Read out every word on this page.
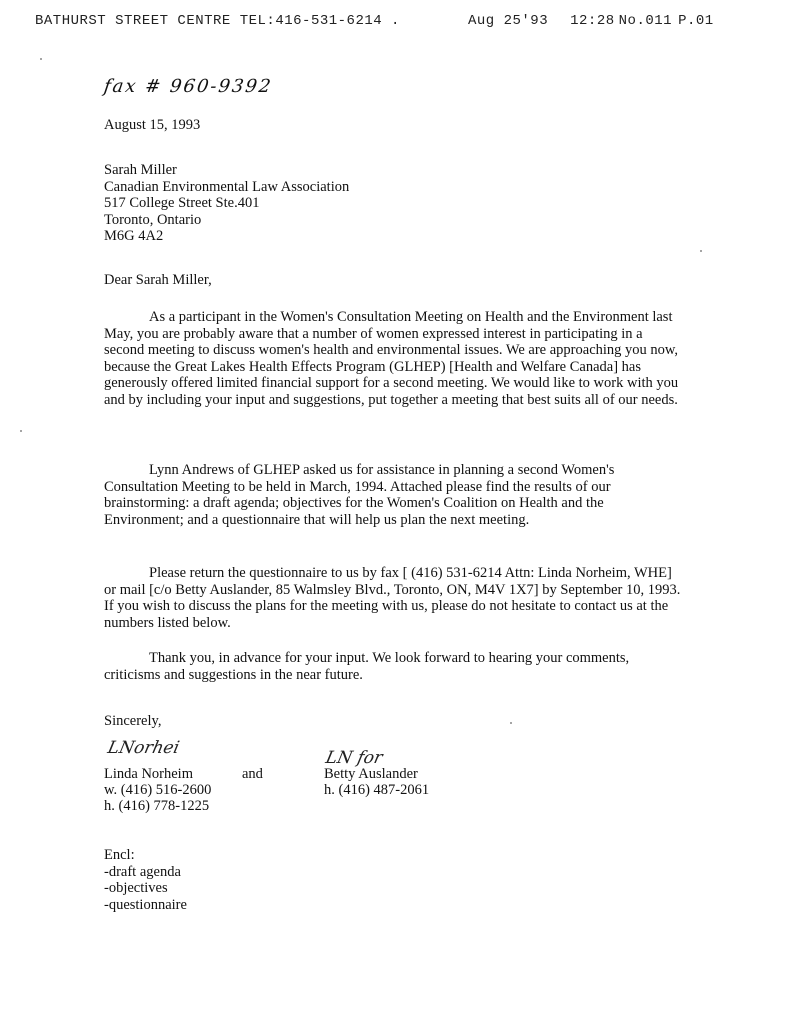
BATHURST STREET CENTRE TEL:416-531-6214 .

	Aug 25'93 12:28 No.011 P.01

fax # 960-9392
August 15, 1993
Sarah Miller
Canadian Environmental Law Association
517 College Street Ste.401
Toronto, Ontario
M6G 4A2
Dear Sarah Miller,

As a participant in the Women's Consultation Meeting on Health and the Environment last May, you are probably aware that a number of women expressed interest in participating in a second meeting to discuss women's health and environmental issues. We are approaching you now, because the Great Lakes Health Effects Program (GLHEP) [Health and Welfare Canada] has generously offered limited financial support for a second meeting. We would like to work with you and by including your input and suggestions, put together a meeting that best suits all of our needs.

Lynn Andrews of GLHEP asked us for assistance in planning a second Women's Consultation Meeting to be held in March, 1994. Attached please find the results of our brainstorming: a draft agenda; objectives for the Women's Coalition on Health and the Environment; and a questionnaire that will help us plan the next meeting.

Please return the questionnaire to us by fax [ (416) 531-6214 Attn: Linda Norheim, WHE] or mail [c/o Betty Auslander, 85 Walmsley Blvd., Toronto, ON, M4V 1X7] by September 10, 1993. If you wish to discuss the plans for the meeting with us, please do not hesitate to contact us at the numbers listed below.

Thank you, in advance for your input. We look forward to hearing your comments, criticisms and suggestions in the near future.

Sincerely,
LNorhei	LN for
Linda Norheim
w. (416) 516-2600
h. (416) 778-1225
and	Betty Auslander
h. (416) 487-2061
Encl:
-draft agenda
-objectives
-questionnaire
